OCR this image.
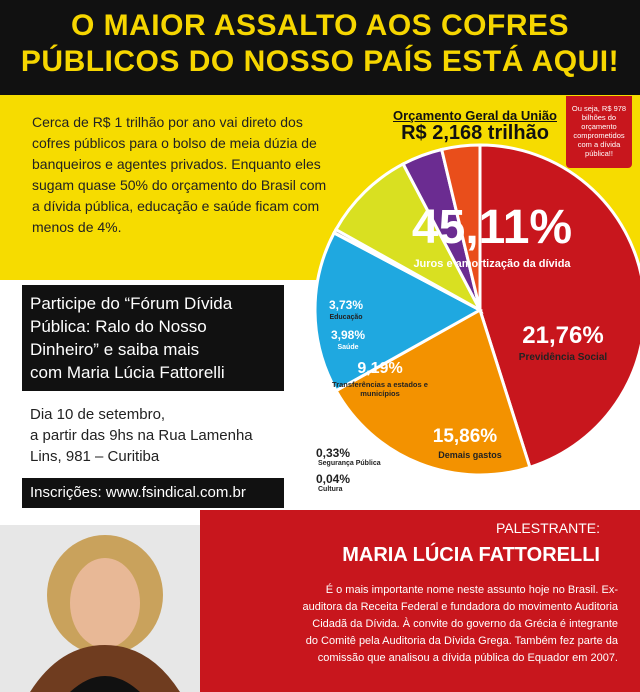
O MAIOR ASSALTO AOS COFRES
PÚBLICOS DO NOSSO PAÍS ESTÁ AQUI!
Cerca de R$ 1 trilhão por ano vai direto dos cofres públicos para o bolso de meia dúzia de banqueiros e agentes privados. Enquanto eles sugam quase 50% do orçamento do Brasil com a dívida pública, educação e saúde ficam com menos de 4%.
Participe do “Fórum Dívida
Pública: Ralo do Nosso
Dinheiro” e saiba mais
com Maria Lúcia Fattorelli
Dia 10 de setembro,
a partir das 9hs na Rua Lamenha
Lins, 981 – Curitiba
Inscrições: www.fsindical.com.br
Orçamento Geral da União
R$ 2,168 trilhão
Ou seja, R$ 978 bilhões do orçamento comprometidos com a dívida pública!!
45,11%
Juros e amortização da dívida
21,76%
Previdência Social
15,86%
Demais gastos
9,19%
Transferências a estados e municípios
3,98%
Saúde
3,73%
Educação
0,33%
Segurança Pública
0,04%
Cultura
PALESTRANTE:
MARIA LÚCIA FATTORELLI
É o mais importante nome neste assunto hoje no Brasil. Ex-
auditora da Receita Federal e fundadora do movimento Auditoria
Cidadã da Dívida. À convite do governo da Grécia é integrante
do Comitê pela Auditoria da Dívida Grega. Também fez parte da
comissão que analisou a dívida pública do Equador em 2007.
